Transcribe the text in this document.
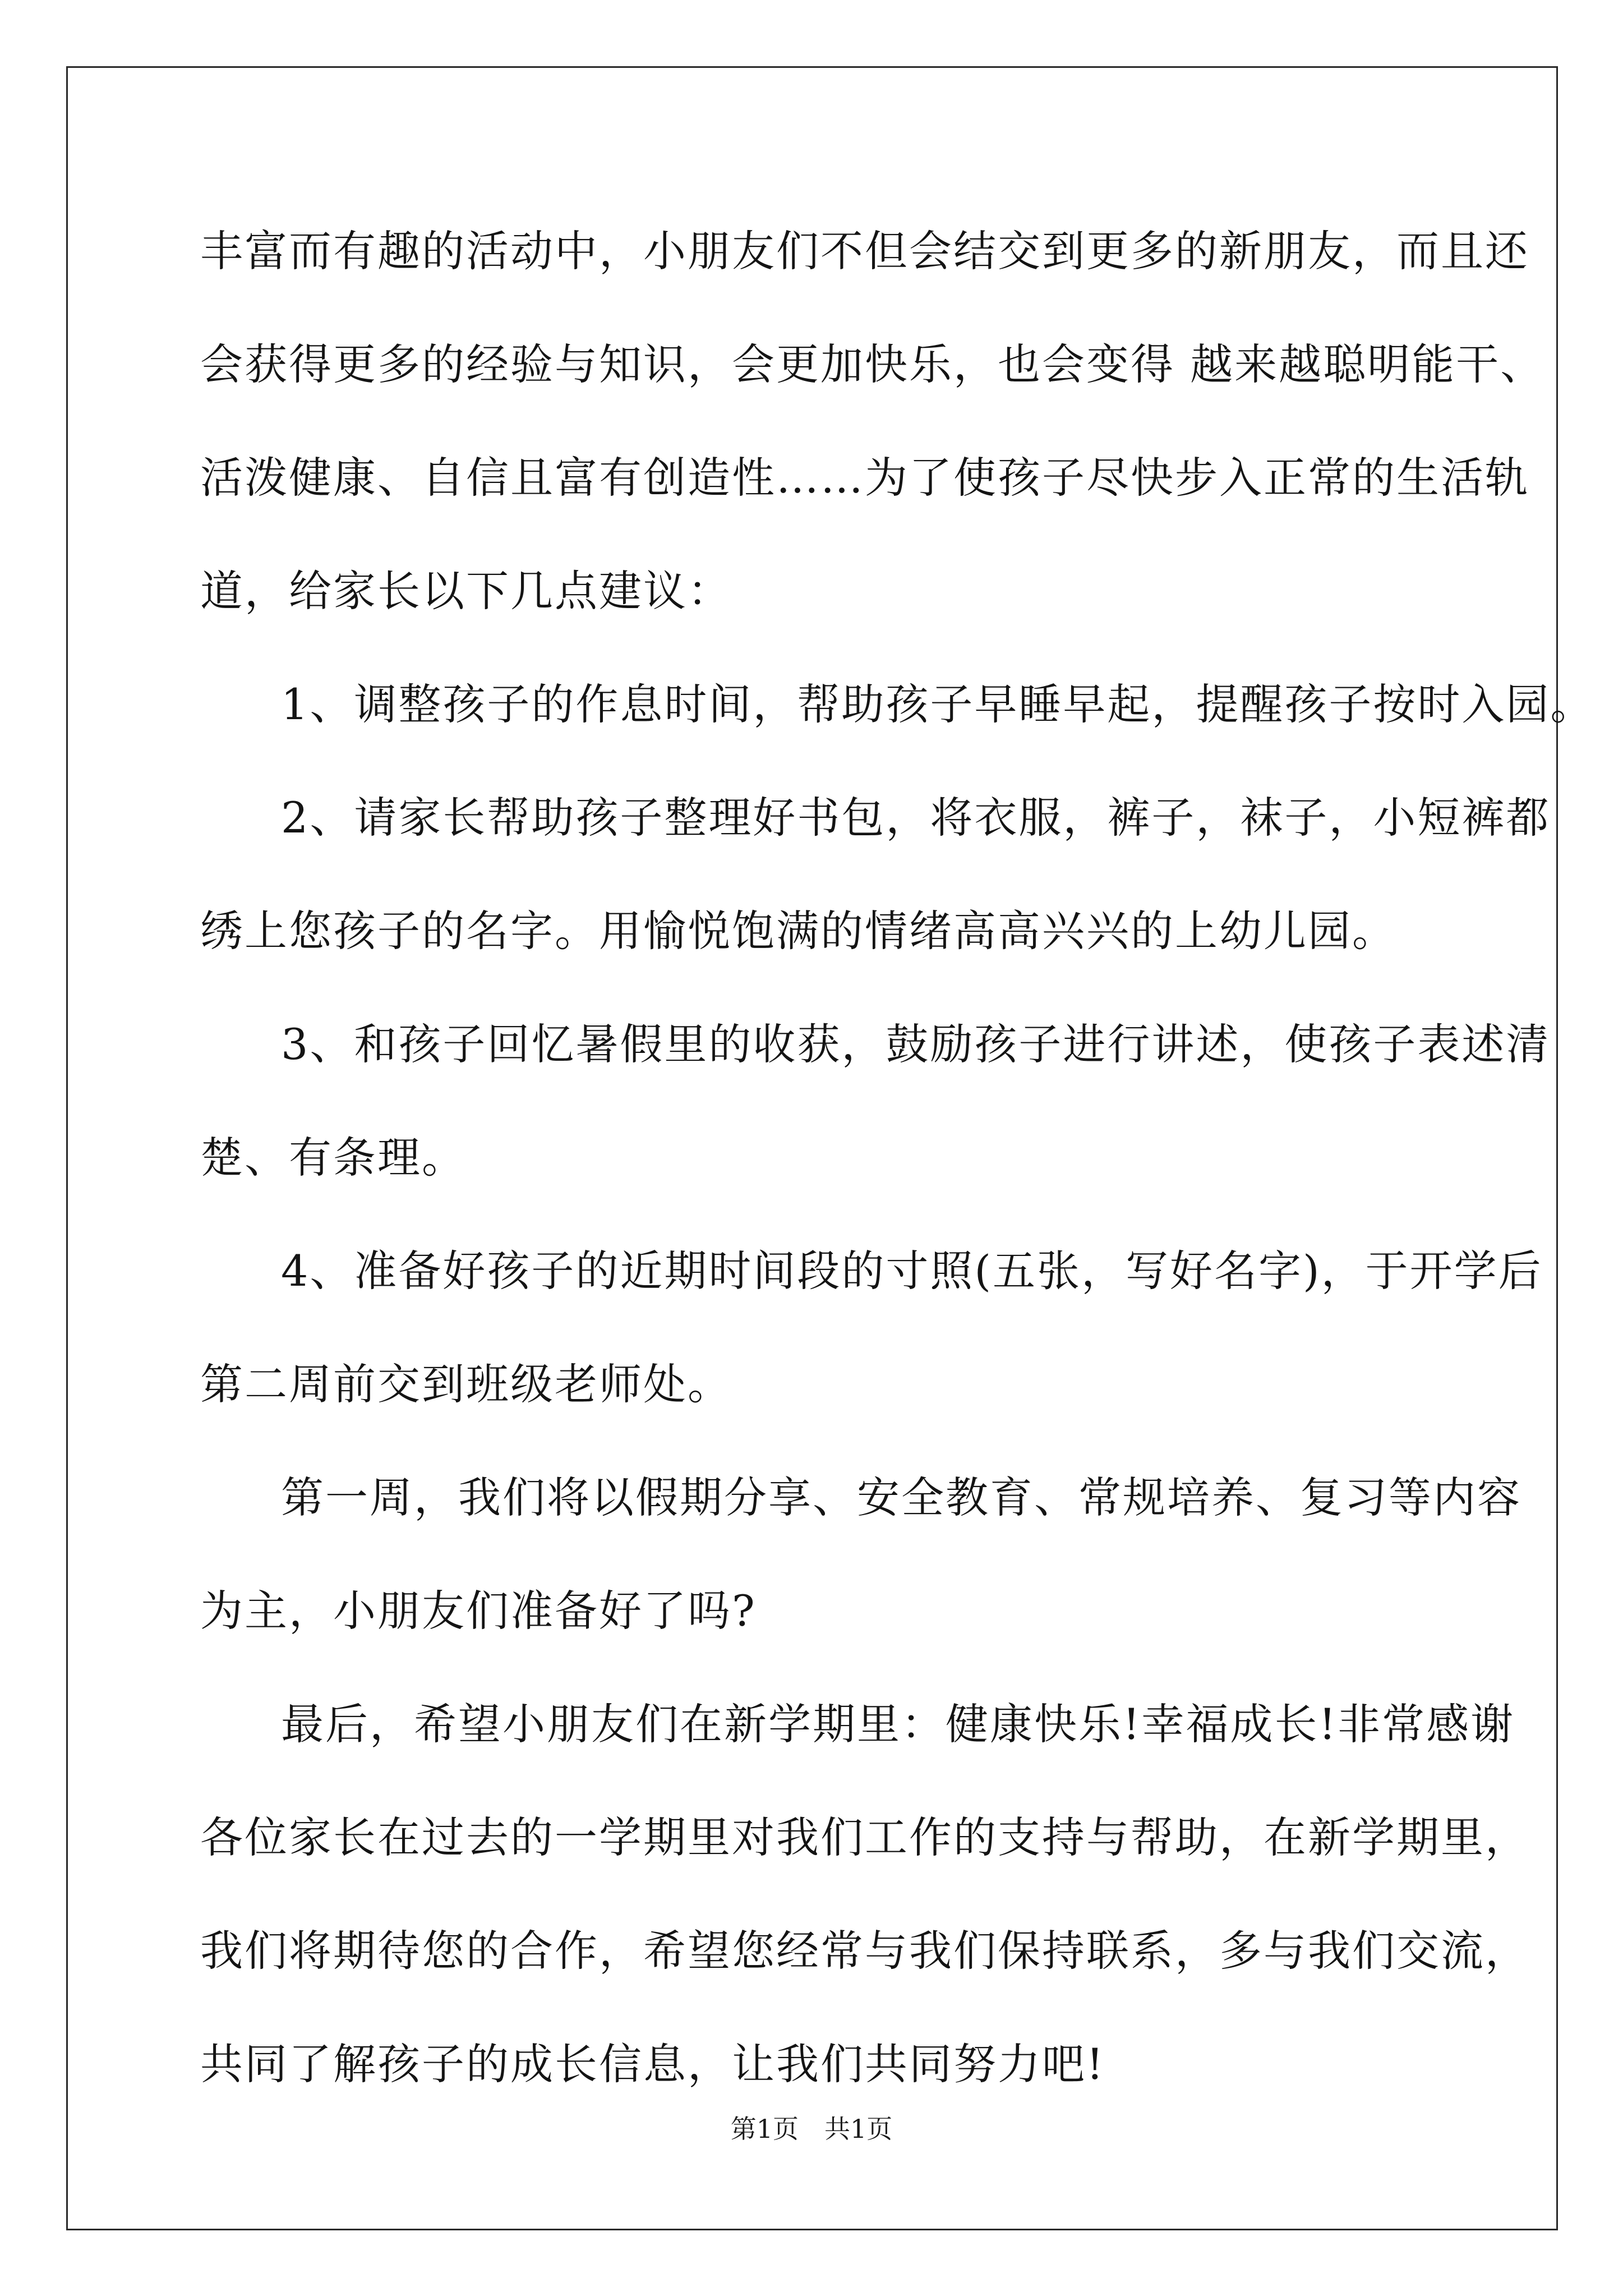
丰富而有趣的活动中，小朋友们不但会结交到更多的新朋友，而且还
会获得更多的经验与知识，会更加快乐，也会变得 越来越聪明能干、
活泼健康、自信且富有创造性……为了使孩子尽快步入正常的生活轨
道，给家长以下几点建议：
1、调整孩子的作息时间，帮助孩子早睡早起，提醒孩子按时入园。
2、请家长帮助孩子整理好书包，将衣服，裤子，袜子，小短裤都
绣上您孩子的名字。用愉悦饱满的情绪高高兴兴的上幼儿园。
3、和孩子回忆暑假里的收获，鼓励孩子进行讲述，使孩子表述清
楚、有条理。
4、准备好孩子的近期时间段的寸照(五张，写好名字)，于开学后
第二周前交到班级老师处。
第一周，我们将以假期分享、安全教育、常规培养、复习等内容
为主，小朋友们准备好了吗?
最后，希望小朋友们在新学期里：健康快乐!幸福成长!非常感谢
各位家长在过去的一学期里对我们工作的支持与帮助，在新学期里，
我们将期待您的合作，希望您经常与我们保持联系，多与我们交流，
共同了解孩子的成长信息，让我们共同努力吧!
第1页　共1页
